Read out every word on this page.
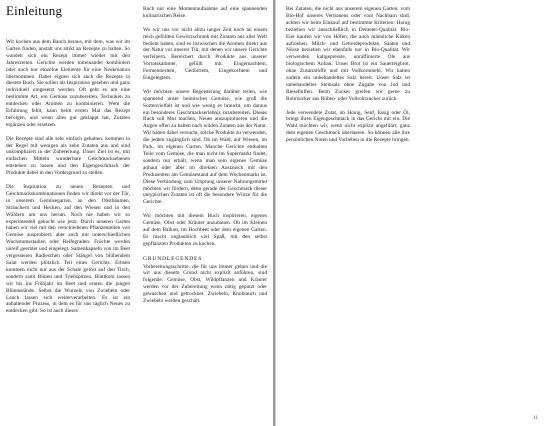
Einleitung

Wir kochen aus dem Bauch heraus, mit dem, was wir im Garten finden, anstatt uns strikt an Rezepte zu halten. So wandelt sich ein Rezept immer wieder mit den Jahreszeiten. Gerichte werden miteinander kombiniert oder auch nur einzelne Elemente für eine Neukreation übernommen. Daher eignen sich auch die Rezepte in diesem Buch. Sie sollen als Inspiration gesehen und ganz individuell umgesetzt werden. Oft geht es um eine bestimmte Art, ein Gemüse zuzubereiten, Techniken zu entdecken oder Aromen zu kombinieren. Wem die Erfahrung fehlt, kann beim ersten Mal das Rezept befolgen, und wenn alles gut geklappt hat, Zutaten ergänzen oder ersetzen.

Die Rezepte sind alle sehr einfach gehalten, kommen in der Regel mit wenigen als zehn Zutaten aus und sind unkompliziert in der Zubereitung. Unser Ziel ist es, mit einfachen Mitteln wunderbare Geschmacksebenen entstehen zu lassen und den Eigengeschmack der Produkte dabei in den Vordergrund zu stellen.

Die Inspiration zu neuen Rezepten und Geschmackskombinationen finden wir direkt vor der Tür, in unserem Gemüsegarten, an den Obstbäumen, Sträuchern und Hecken, auf den Wiesen und in den Wäldern um uns herum. Noch nie haben wir so experimentell gekocht wie jetzt. Durch unseren Garten haben wir viel mit den verschiedenen Pflanzenteilen von Gemüse ausprobiert, aber auch mit unterschiedlichen Wachstumsstadien oder Reifegraden. Früchte werden unreif geerntet und eingelegt. Samenkapseln von im Beet vergessenen Radieschen oder Stängel von blühendem Salat werden plötzlich Teil eines Gerichts. Erbsen kommen nicht nur aus der Schale gelöst auf den Tisch, sondern samt Blüten und Triebspitzen. Blattkohl lassen wir bis ins Frühjahr im Beet und ernten die jungen Blütenstände. Selbst die Wurzeln von Zwiebeln oder Lauch lassen sich weiterverarbeiten. Es ist ein anhaltender Prozess, in dem es für uns täglich Neues zu entdecken gibt. So ist auch dieses

Buch nur eine Momentaufnahme auf eine spannenden kulinarischen Reise.

Wo wir uns vor nicht allzu langer Zeit noch an einem reich gefüllten Gewürzschrank mit Zutaten aus aller Welt bedient haben, sind es inzwischen die Aromen direkt aus der Natur vor unserer Tür, mit denen wir unsere Gerichte verfeinern. Bereichert durch Produkte aus unserer Vorratskammer, gefüllt mit Eingemachtem, Fermentiertem, Gedörrtem, Eingekochtem und Eingelegtem.

Wir möchten unsere Begeisterung darüber teilen, wie spannend unser heimisches Gemüse, wie groß die Sortenvielfalt ist und wie wenig es braucht, um daraus ein besonderes Geschmackserlebnis zuzubereiten. Dieses Buch soll Mut machen, Neues auszuprobieren und die Augen offen zu halten nach wilden Zutaten aus der Natur. Wir haben dabei versucht, solche Produkte zu verwenden, die jedem zugänglich sind. Ob im Wald, auf Wiesen, im Park, im eigenen Garten. Manche Gerichte enthalten Teile vom Gemüse, die man nicht im Supermarkt findet, sondern nur erhält, wenn man sein eigenes Gemüse anbaut oder aber im direkten Austausch mit den Produzenten am Gemüsestand auf dem Wochenmarkt ist. Diese Verbindung zum Ursprung unserer Nahrungsmittel möchten wir fördern, denn gerade der Geschmack dieser untypischen Zutaten ist oft die besondere Würze für die Gerichte.

Wir möchten mit diesem Buch inspirieren, eigenes Gemüse, Obst oder Kräuter anzubauen. Ob im Kleinen auf dem Balkon, im Hochbeet oder dem eigenen Garten. Es macht unglaublich viel Spaß, mit den selbst gepflanzten Produkten zu kochen.

GRUNDLEGENDES

Vorbereitungsschritte, die für uns immer gelten und die wir aus diesem Grund nicht explizit anführen, sind folgende: Gemüse, Obst, Wildpflanzen und Kräuter werden vor der Zubereitung wenn nötig geputzt oder gewaschen und getrocknet. Zwiebeln, Knoblauch und Zwiebeln werden geschält.

Bei Zutaten, die nicht aus unserem eigenen Garten, vom Bio-Hof unseres Vertrauens oder vom Nachbarn sind, achten wir beim Einkauf auf bestimmte Kriterien: Honig beziehen wir ausschließlich in Demeter-Qualität. Bio-Eier kaufen wir von Höfen, die auch männliche Küken aufziehen. Milch- und Getreideprodukte, Saaten und Nüsse beziehen wir ebenfalls nur in Bio-Qualität. Wir verwenden kaltgepresste, unraffinierte Öle aus biologischem Anbau. Unser Brot ist ein Sauerteigbrot, ohne Zusatzstoffe und mit Vollkornmehl. Wir halten zudem ein unbehandeltes Salz bereit. Unser Salz ist unbehandeltes Steinsalz ohne Zugabe von Jod und Rieselhilfen. Beim Zucker greifen wir gerne zu Rohrzucker aus Rüben- oder Vollrohrzucker zurück.

Jede verwendete Zutat, ob Honig, Senf, Essig oder Öl, bringt ihren Eigengeschmack in das Gericht mit ein. Die Wahl möchten wir, wenn nicht explizit angeführt, ganz dem eigenen Geschmack überlassen. So können alle ihre persönlichen Noten und Vorlieben in die Rezepte bringen.

11
